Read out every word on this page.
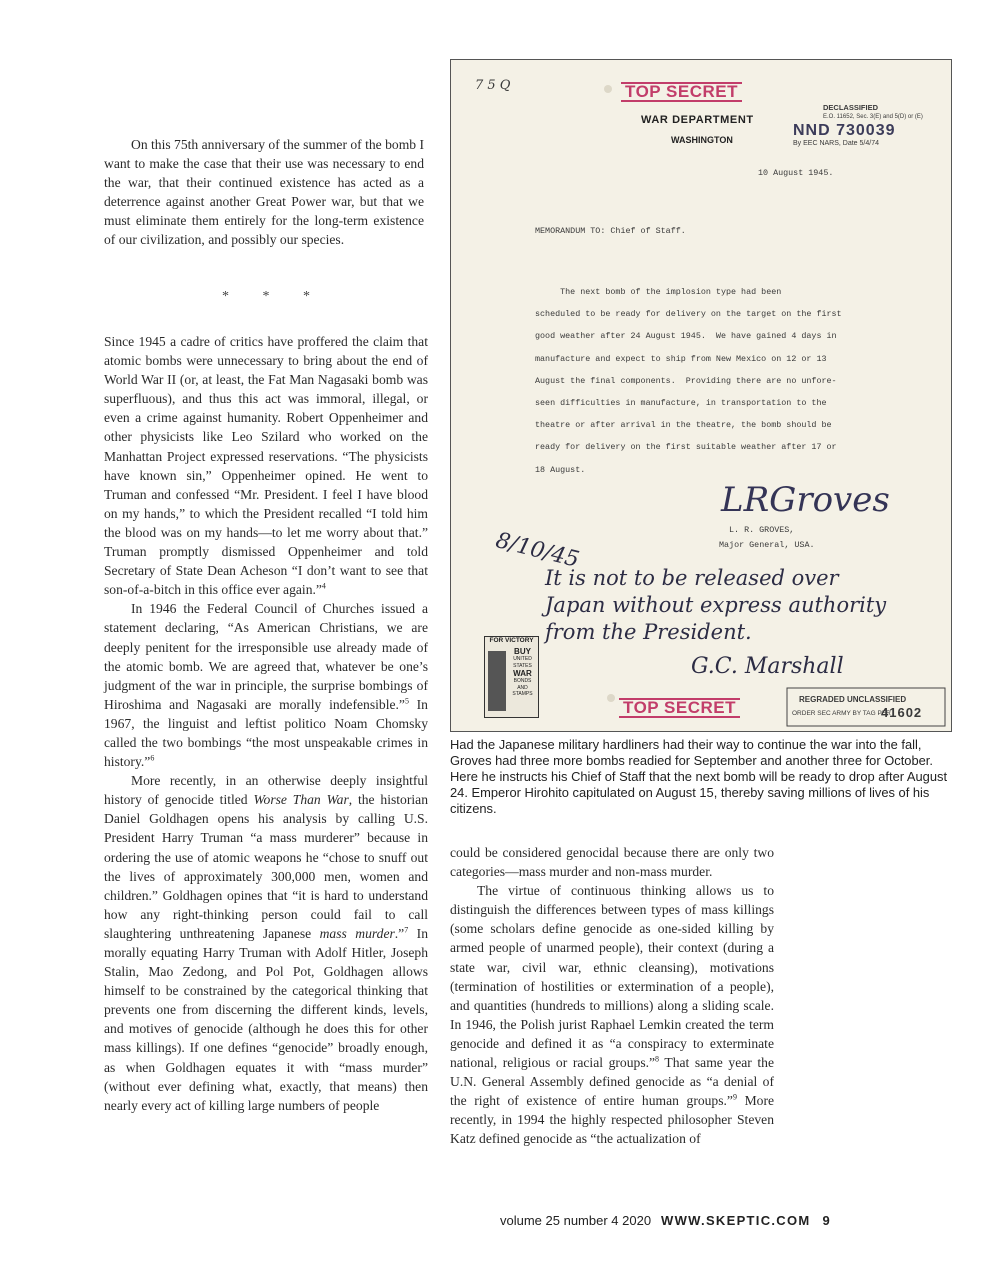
On this 75th anniversary of the summer of the bomb I want to make the case that their use was necessary to end the war, that their continued existence has acted as a deterrence against another Great Power war, but that we must eliminate them entirely for the long-term existence of our civilization, and possibly our species.

* * *

Since 1945 a cadre of critics have proffered the claim that atomic bombs were unnecessary to bring about the end of World War II (or, at least, the Fat Man Nagasaki bomb was superfluous), and thus this act was immoral, illegal, or even a crime against humanity. Robert Oppenheimer and other physicists like Leo Szilard who worked on the Manhattan Project expressed reservations. “The physicists have known sin,” Oppenheimer opined. He went to Truman and confessed “Mr. President. I feel I have blood on my hands,” to which the President recalled “I told him the blood was on my hands—to let me worry about that.” Truman promptly dismissed Oppenheimer and told Secretary of State Dean Acheson “I don’t want to see that son-of-a-bitch in this office ever again.”$^4$

In 1946 the Federal Council of Churches issued a statement declaring, “As American Christians, we are deeply penitent for the irresponsible use already made of the atomic bomb. We are agreed that, whatever be one’s judgment of the war in principle, the surprise bombings of Hiroshima and Nagasaki are morally indefensible.”$^5$ In 1967, the linguist and leftist politico Noam Chomsky called the two bombings “the most unspeakable crimes in history.”$^6$

More recently, in an otherwise deeply insightful history of genocide titled Worse Than War, the historian Daniel Goldhagen opens his analysis by calling U.S. President Harry Truman “a mass murderer” because in ordering the use of atomic weapons he “chose to snuff out the lives of approximately 300,000 men, women and children.” Goldhagen opines that “it is hard to understand how any right-thinking person could fail to call slaughtering unthreatening Japanese mass murder.”$^7$ In morally equating Harry Truman with Adolf Hitler, Joseph Stalin, Mao Zedong, and Pol Pot, Goldhagen allows himself to be constrained by the categorical thinking that prevents one from discerning the different kinds, levels, and motives of genocide (although he does this for other mass killings). If one defines “genocide” broadly enough, as when Goldhagen equates it with “mass murder” (without ever defining what, exactly, that means) then nearly every act of killing large numbers of people

7 5 Q	TOP SECRET
DECLASSIFIED
E.O. 11652, Sec. 3(E) and 5(D) or (E)
NND 730039
By EEC NARS, Date 5/4/74
WAR DEPARTMENT
WASHINGTON
10 August 1945.
MEMORANDUM TO: Chief of Staff.
The next bomb of the implosion type had been
scheduled to be ready for delivery on the target on the first
good weather after 24 August 1945.  We have gained 4 days in
manufacture and expect to ship from New Mexico on 12 or 13
August the final components.  Providing there are no unfore-
seen difficulties in manufacture, in transportation to the
theatre or after arrival in the theatre, the bomb should be
ready for delivery on the first suitable weather after 17 or
18 August.
LRGroves
L. R. GROVES,
Major General, USA.
8/10/45
It is not to be released over Japan without express authority from the President.
G.C. Marshall
FOR VICTORY
BUY
UNITED STATES
WAR
BONDS
AND
STAMPS
TOP SECRET	REGRADED UNCLASSIFIED
ORDER SEC ARMY BY TAG PER
41602
Had the Japanese military hardliners had their way to continue the war into the fall, Groves had three more bombs readied for September and another three for October. Here he instructs his Chief of Staff that the next bomb will be ready to drop after August 24. Emperor Hirohito capitulated on August 15, thereby saving millions of lives of his citizens.

could be considered genocidal because there are only two categories—mass murder and non-mass murder.

The virtue of continuous thinking allows us to distinguish the differences between types of mass killings (some scholars define genocide as one-sided killing by armed people of unarmed people), their context (during a state war, civil war, ethnic cleansing), motivations (termination of hostilities or extermination of a people), and quantities (hundreds to millions) along a sliding scale. In 1946, the Polish jurist Raphael Lemkin created the term genocide and defined it as “a conspiracy to exterminate national, religious or racial groups.”$^8$ That same year the U.N. General Assembly defined genocide as “a denial of the right of existence of entire human groups.”$^9$ More recently, in 1994 the highly respected philosopher Steven Katz defined genocide as “the actualization of

volume 25 number 4 2020 WWW.SKEPTIC.COM 9
